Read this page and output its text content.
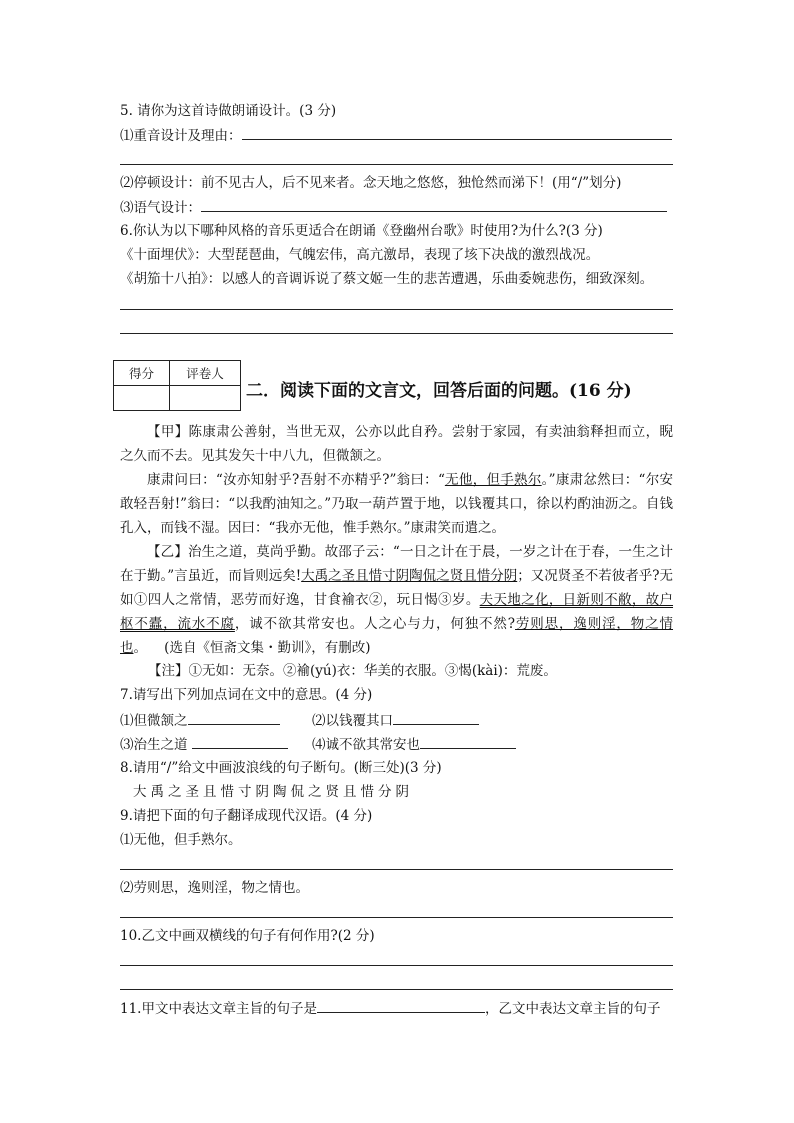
5. 请你为这首诗做朗诵设计。(3 分)
⑴重音设计及理由：
⑵停顿设计：前不见古人，后不见来者。念天地之悠悠，独怆然而涕下！(用“/”划分)
⑶语气设计：
6.你认为以下哪种风格的音乐更适合在朗诵《登幽州台歌》时使用?为什么?(3 分)
《十面埋伏》：大型琵琶曲，气魄宏伟，高亢激昂，表现了垓下决战的激烈战况。
《胡笳十八拍》：以感人的音调诉说了蔡文姬一生的悲苦遭遇，乐曲委婉悲伤，细致深刻。
得分	评卷人

二．阅读下面的文言文，回答后面的问题。(16 分)
【甲】陈康肃公善射，当世无双，公亦以此自矜。尝射于家园，有卖油翁释担而立，睨之久而不去。见其发矢十中八九，但微颔之。
康肃问曰：“汝亦知射乎?吾射不亦精乎?”翁曰：“无他，但手熟尔。”康肃忿然曰：“尔安敢轻吾射!”翁曰：“以我酌油知之。”乃取一葫芦置于地，以钱覆其口，徐以杓酌油沥之。自钱孔入，而钱不湿。因曰：“我亦无他，惟手熟尔。”康肃笑而遣之。
【乙】治生之道，莫尚乎勤。故邵子云：“一日之计在于晨，一岁之计在于春，一生之计在于勤。”言虽近，而旨则远矣!大禹之圣且惜寸阴陶侃之贤且惜分阴；又况贤圣不若彼者乎?无如①四人之常情，恶劳而好逸，甘食褕衣②，玩日愒③岁。夫天地之化，日新则不敝，故户枢不蠹，流水不腐，诚不欲其常安也。人之心与力，何独不然?劳则思，逸则淫，物之情也。 (选自《恒斋文集・勤训》，有删改)
【注】①无如：无奈。②褕(yú)衣：华美的衣服。③愒(kài)：荒废。
7.请写出下列加点词在文中的意思。(4 分)
⑴但微颔之	⑵以钱覆其口
⑶治生之道	⑷诚不欲其常安也
8.请用“/”给文中画波浪线的句子断句。(断三处)(3 分)
大禹之圣且惜寸阴陶侃之贤且惜分阴
9.请把下面的句子翻译成现代汉语。(4 分)
⑴无他，但手熟尔。
⑵劳则思，逸则淫，物之情也。
10.乙文中画双横线的句子有何作用?(2 分)
11.甲文中表达文章主旨的句子是	，乙文中表达文章主旨的句子
